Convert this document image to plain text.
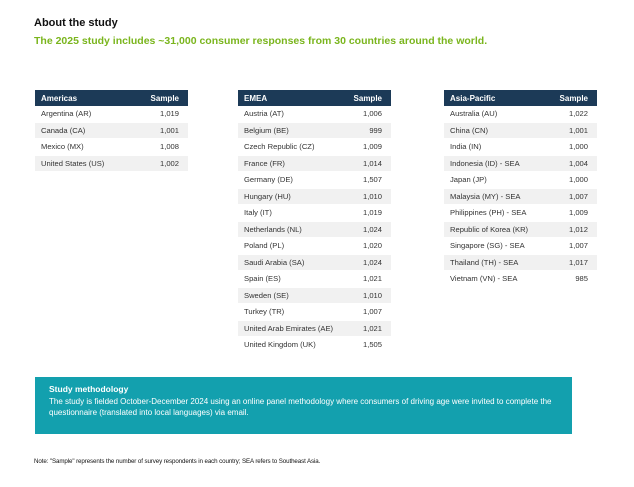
About the study
The 2025 study includes ~31,000 consumer responses from 30 countries around the world.
Americas	Sample
Argentina (AR)	1,019
Canada (CA)	1,001
Mexico (MX)	1,008
United States (US)	1,002
EMEA	Sample
Austria (AT)	1,006
Belgium (BE)	999
Czech Republic (CZ)	1,009
France (FR)	1,014
Germany (DE)	1,507
Hungary (HU)	1,010
Italy (IT)	1,019
Netherlands (NL)	1,024
Poland (PL)	1,020
Saudi Arabia (SA)	1,024
Spain (ES)	1,021
Sweden (SE)	1,010
Turkey (TR)	1,007
United Arab Emirates (AE)	1,021
United Kingdom (UK)	1,505
Asia-Pacific	Sample
Australia (AU)	1,022
China (CN)	1,001
India (IN)	1,000
Indonesia (ID) - SEA	1,004
Japan (JP)	1,000
Malaysia (MY) - SEA	1,007
Philippines (PH) - SEA	1,009
Republic of Korea (KR)	1,012
Singapore (SG) - SEA	1,007
Thailand (TH) - SEA	1,017
Vietnam (VN) - SEA	985
Study methodology
The study is fielded October-December 2024 using an online panel methodology where consumers of driving age were invited to complete the questionnaire (translated into local languages) via email.
Note: "Sample" represents the number of survey respondents in each country; SEA refers to Southeast Asia.
